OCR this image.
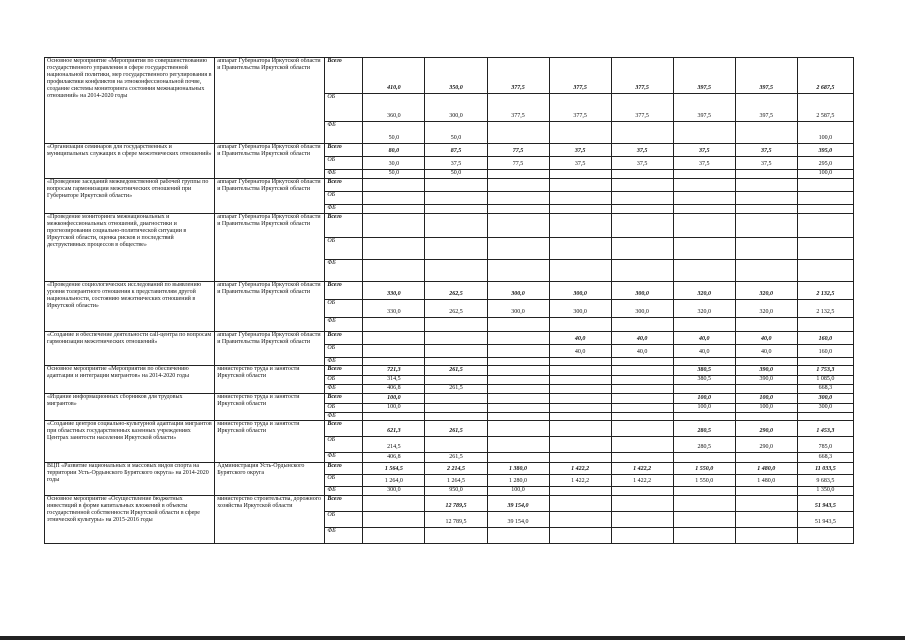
Основное мероприятие «Мероприятия по совершенствованию государственного управления в сфере государственной национальной политики, мер государственного регулирования в профилактики конфликтов на этноконфессиональной почве, создание системы мониторинга состояния межнациональных отношений» на 2014-2020 годы	аппарат Губернатора Иркутской области и Правительства Иркутской области	Всего	410,0	350,0	377,5	377,5	377,5	397,5	397,5	2 687,5
		ОБ	360,0	300,0	377,5	377,5	377,5	397,5	397,5	2 587,5
		ФБ	50,0	50,0						100,0
«Организация семинаров для государственных и муниципальных служащих в сфере межэтнических отношений»	аппарат Губернатора Иркутской области и Правительства Иркутской области	Всего	80,0	87,5	77,5	37,5	37,5	37,5	37,5	395,0
		ОБ	30,0	37,5	77,5	37,5	37,5	37,5	37,5	295,0
		ФБ	50,0	50,0						100,0
«Проведение заседаний межведомственной рабочей группы по вопросам гармонизации межэтнических отношений при Губернаторе Иркутской области»	аппарат Губернатора Иркутской области и Правительства Иркутской области	Всего								
		ОБ								
		ФБ								
«Проведение мониторинга межнациональных и межконфессиональных отношений, диагностики и прогнозирования социально-политической ситуации в Иркутской области, оценка рисков и последствий деструктивных процессов в обществе»	аппарат Губернатора Иркутской области и Правительства Иркутской области	Всего								
		ОБ								
		ФБ								
«Проведение социологических исследований по выявлению уровня толерантного отношения к представителям другой национальности, состоянию межэтнических отношений в Иркутской области»	аппарат Губернатора Иркутской области и Правительства Иркутской области	Всего	330,0	262,5	300,0	300,0	300,0	320,0	320,0	2 132,5
		ОБ	330,0	262,5	300,0	300,0	300,0	320,0	320,0	2 132,5
		ФБ								
«Создание и обеспечение деятельности call-центра по вопросам гармонизации межэтнических отношений»	аппарат Губернатора Иркутской области и Правительства Иркутской области	Всего				40,0	40,0	40,0	40,0	160,0
		ОБ				40,0	40,0	40,0	40,0	160,0
		ФБ								
Основное мероприятие «Мероприятия по обеспечению адаптации и интеграции мигрантов» на 2014-2020 годы	министерство труда и занятости Иркутской области	Всего	721,3	261,5				380,5	390,0	1 753,3
		ОБ	314,5					380,5	390,0	1 085,0
		ФБ	406,8	261,5						668,3
«Издание информационных сборников для трудовых мигрантов»	министерство труда и занятости Иркутской области	Всего	100,0					100,0	100,0	300,0
		ОБ	100,0					100,0	100,0	300,0
		ФБ								
«Создание центров социально-культурной адаптации мигрантов при областных государственных казенных учреждениях Центрах занятости населения Иркутской области»	министерство труда и занятости Иркутской области	Всего	621,3	261,5				280,5	290,0	1 453,3
		ОБ	214,5					280,5	290,0	785,0
		ФБ	406,8	261,5						668,3
ВЦП «Развитие национальных и массовых видов спорта на территории Усть-Ордынского Бурятского округа» на 2014-2020 годы	Администрация Усть-Ордынского Бурятского округа	Всего	1 564,5	2 214,5	1 380,0	1 422,2	1 422,2	1 550,0	1 480,0	11 033,5
		ОБ	1 264,0	1 264,5	1 280,0	1 422,2	1 422,2	1 550,0	1 480,0	9 683,5
		ФБ	300,0	950,0	100,0					1 350,0
Основное мероприятие «Осуществление бюджетных инвестиций в форме капитальных вложений в объекты государственной собственности Иркутской области в сфере этнической культуры» на 2015-2016 годы	министерство строительства, дорожного хозяйства Иркутской области	Всего		12 789,5	39 154,0					51 943,5
		ОБ		12 789,5	39 154,0					51 943,5
		ФБ								
